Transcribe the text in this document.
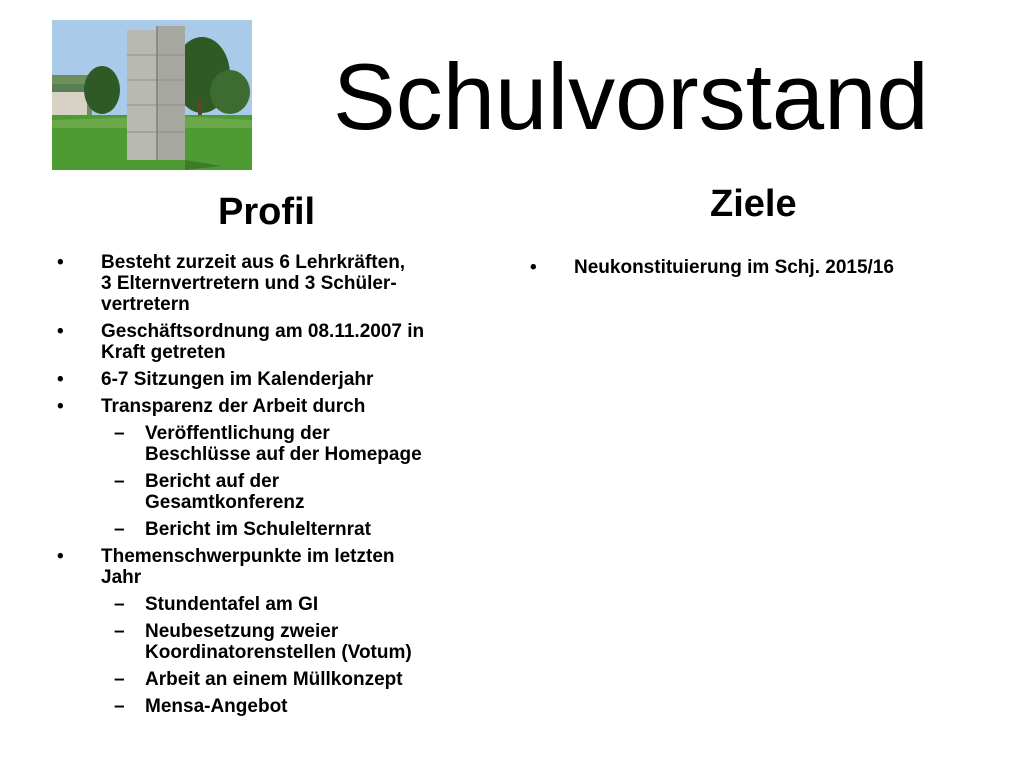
Schulvorstand
Profil	Ziele
•	Besteht zurzeit aus 6 Lehrkräften,
3 Elternvertretern und 3 Schüler-
vertretern
•	Geschäftsordnung am 08.11.2007 in
Kraft getreten
•	6-7 Sitzungen im Kalenderjahr
•	Transparenz der Arbeit durch
– Veröffentlichung der
Beschlüsse auf der Homepage
– Bericht auf der
Gesamtkonferenz
– Bericht im Schulelternrat
•	Themenschwerpunkte im letzten
Jahr
– Stundentafel am GI
– Neubesetzung zweier
Koordinatorenstellen (Votum)
– Arbeit an einem Müllkonzept
– Mensa-Angebot
•	Neukonstituierung im Schj. 2015/16
